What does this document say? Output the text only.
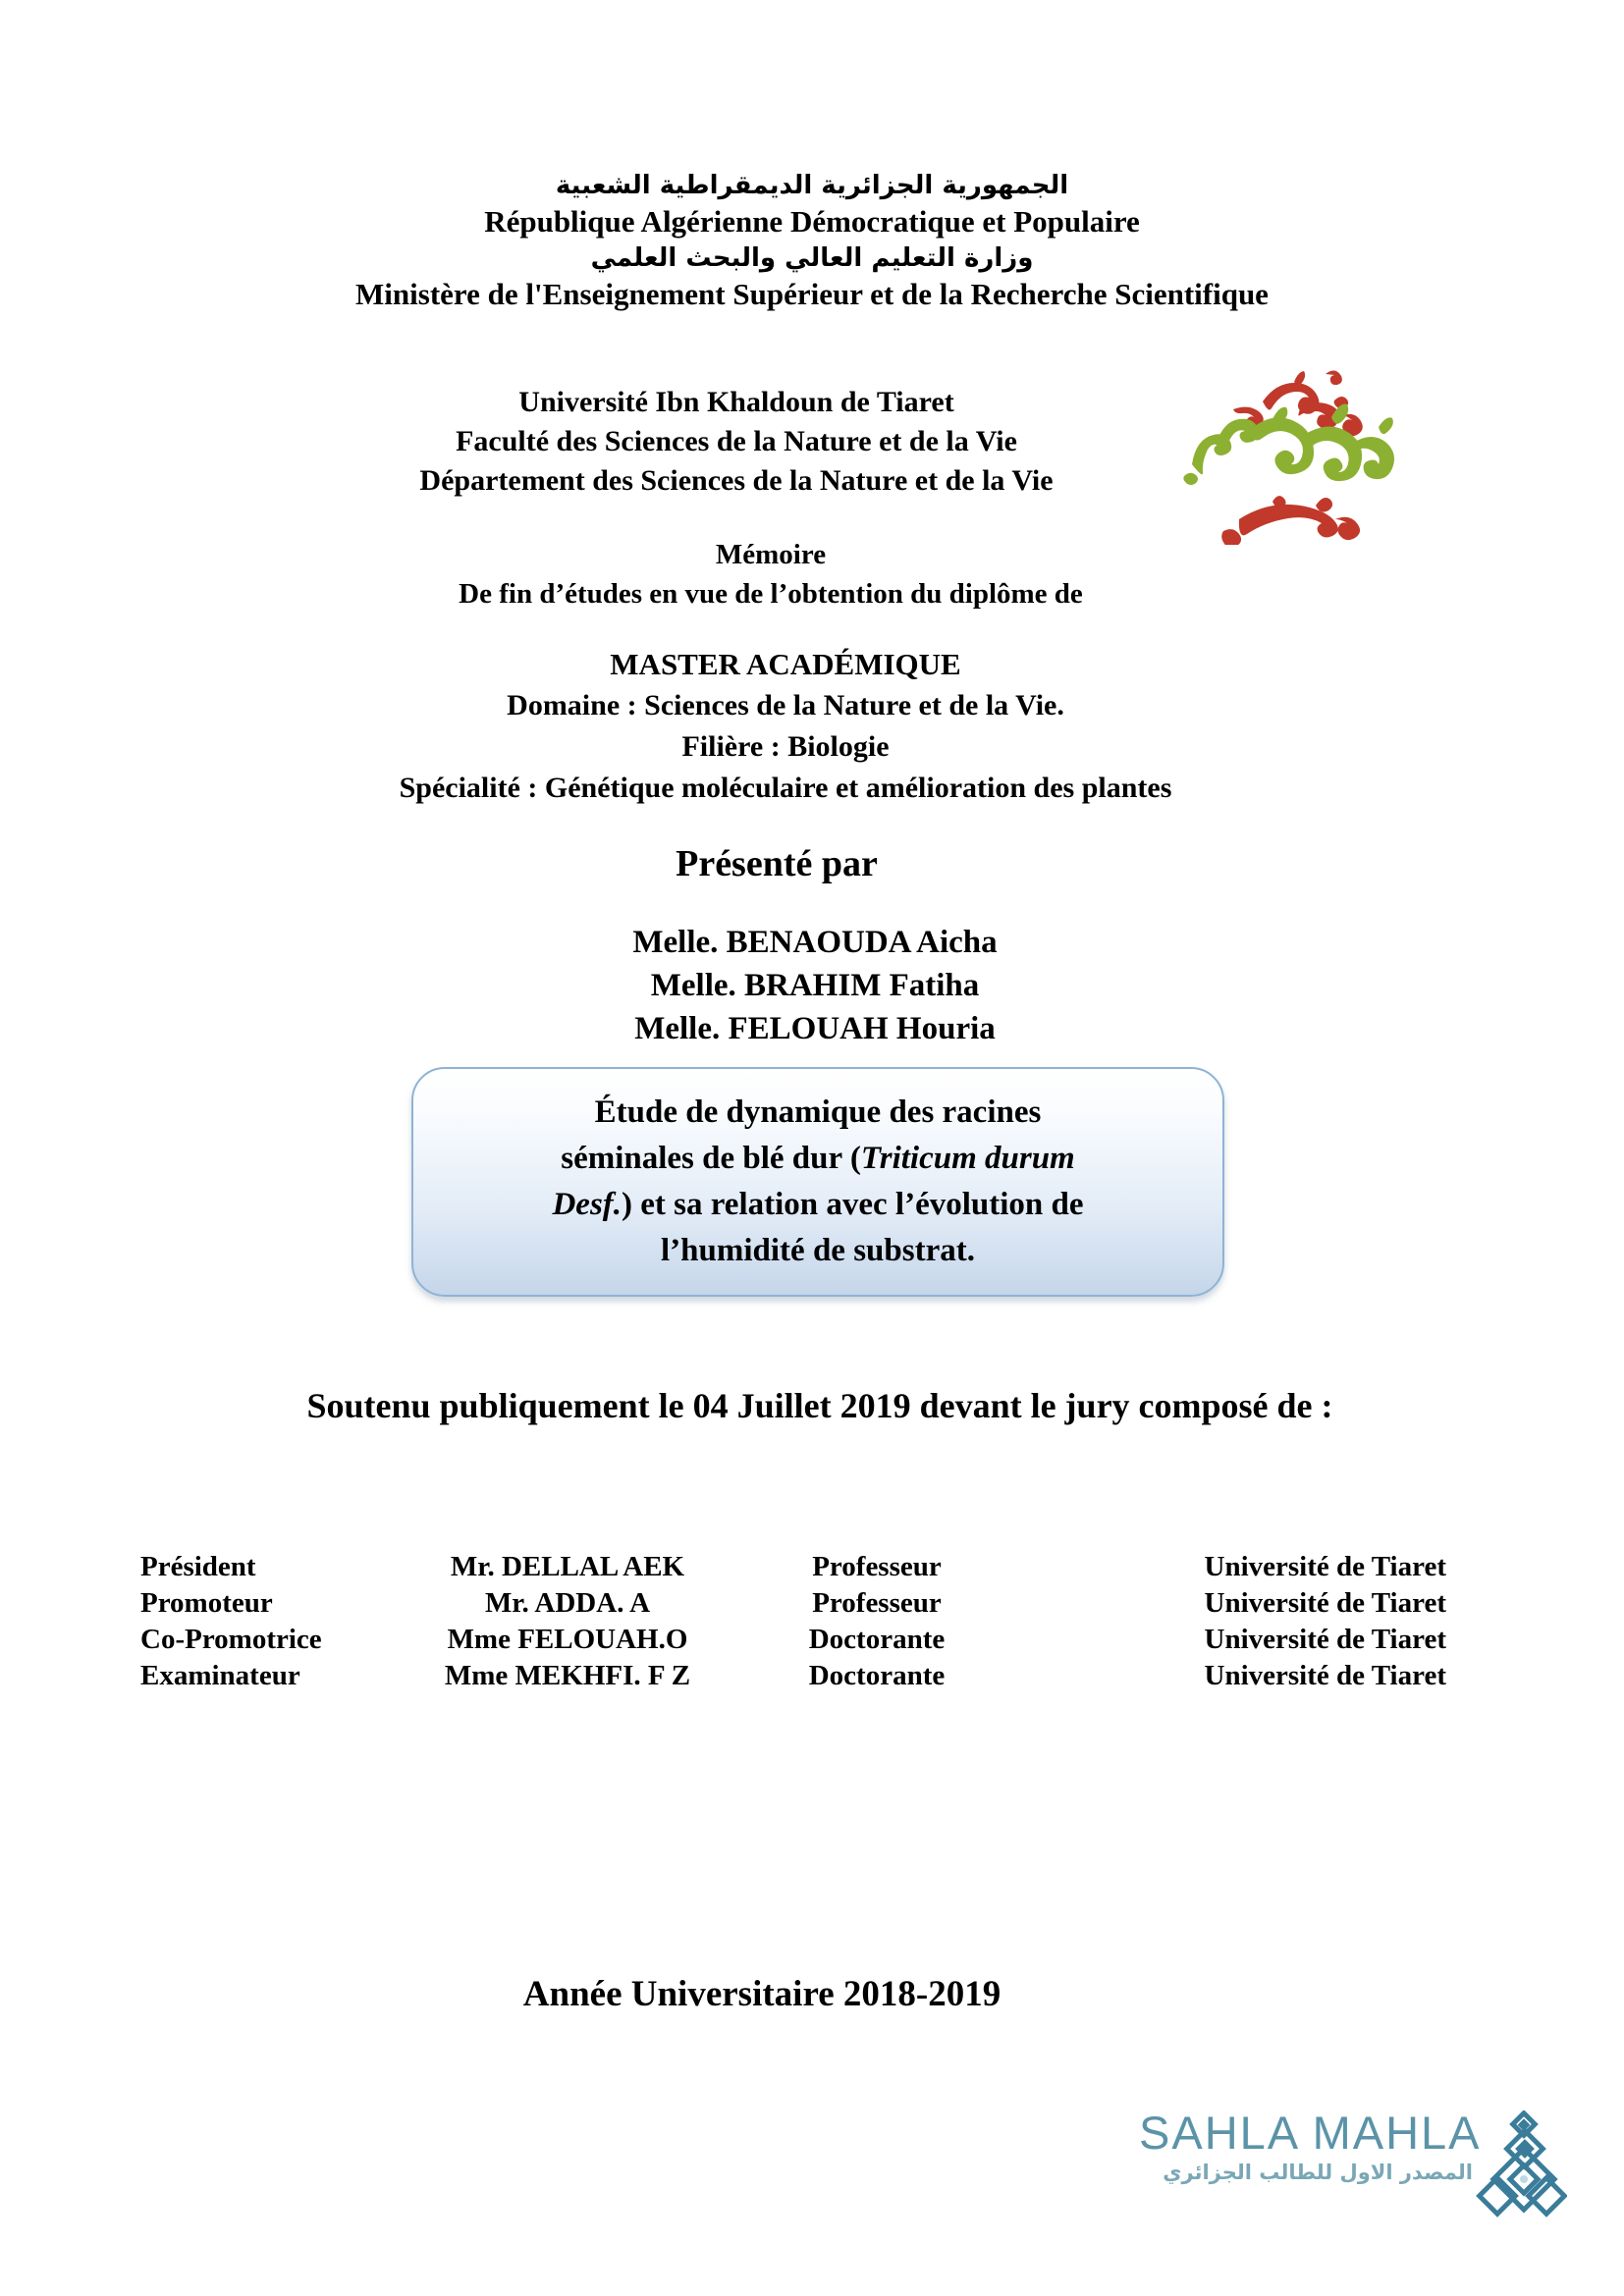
الجمهورية الجزائرية الديمقراطية الشعبية
République Algérienne Démocratique et Populaire
وزارة التعليم العالي والبحث العلمي
Ministère de l'Enseignement Supérieur et de la Recherche Scientifique
Université Ibn Khaldoun de Tiaret
Faculté des Sciences de la Nature et de la Vie
Département des Sciences de la Nature et de la Vie
Mémoire
De fin d’études en vue de l’obtention du diplôme de
MASTER ACADÉMIQUE
Domaine : Sciences de la Nature et de la Vie.
Filière : Biologie
Spécialité : Génétique moléculaire et amélioration des plantes
Présenté par
Melle. BENAOUDA Aicha
Melle. BRAHIM Fatiha
Melle. FELOUAH Houria
Étude de dynamique des racines
séminales de blé dur (Triticum durum
Desf.) et sa relation avec l’évolution de
l’humidité de substrat.
Soutenu publiquement le 04 Juillet 2019 devant le jury composé de :
Président	Mr. DELLAL AEK	Professeur	Université de Tiaret
Promoteur	Mr. ADDA. A	Professeur	Université de Tiaret
Co-Promotrice	Mme FELOUAH.O	Doctorante	Université de Tiaret
Examinateur	Mme MEKHFI. F Z	Doctorante	Université de Tiaret
Année Universitaire 2018-2019
SAHLA MAHLA
المصدر الاول للطالب الجزائري
